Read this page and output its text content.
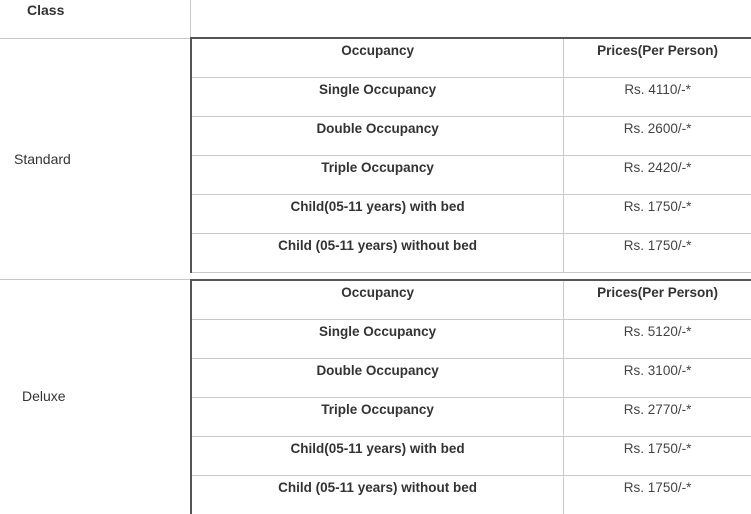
Class
Standard
Occupancy	Prices(Per Person)
Single Occupancy	Rs. 4110/-*
Double Occupancy	Rs. 2600/-*
Triple Occupancy	Rs. 2420/-*
Child(05-11 years) with bed	Rs. 1750/-*
Child (05-11 years) without bed	Rs. 1750/-*
Deluxe
Occupancy	Prices(Per Person)
Single Occupancy	Rs. 5120/-*
Double Occupancy	Rs. 3100/-*
Triple Occupancy	Rs. 2770/-*
Child(05-11 years) with bed	Rs. 1750/-*
Child (05-11 years) without bed	Rs. 1750/-*
